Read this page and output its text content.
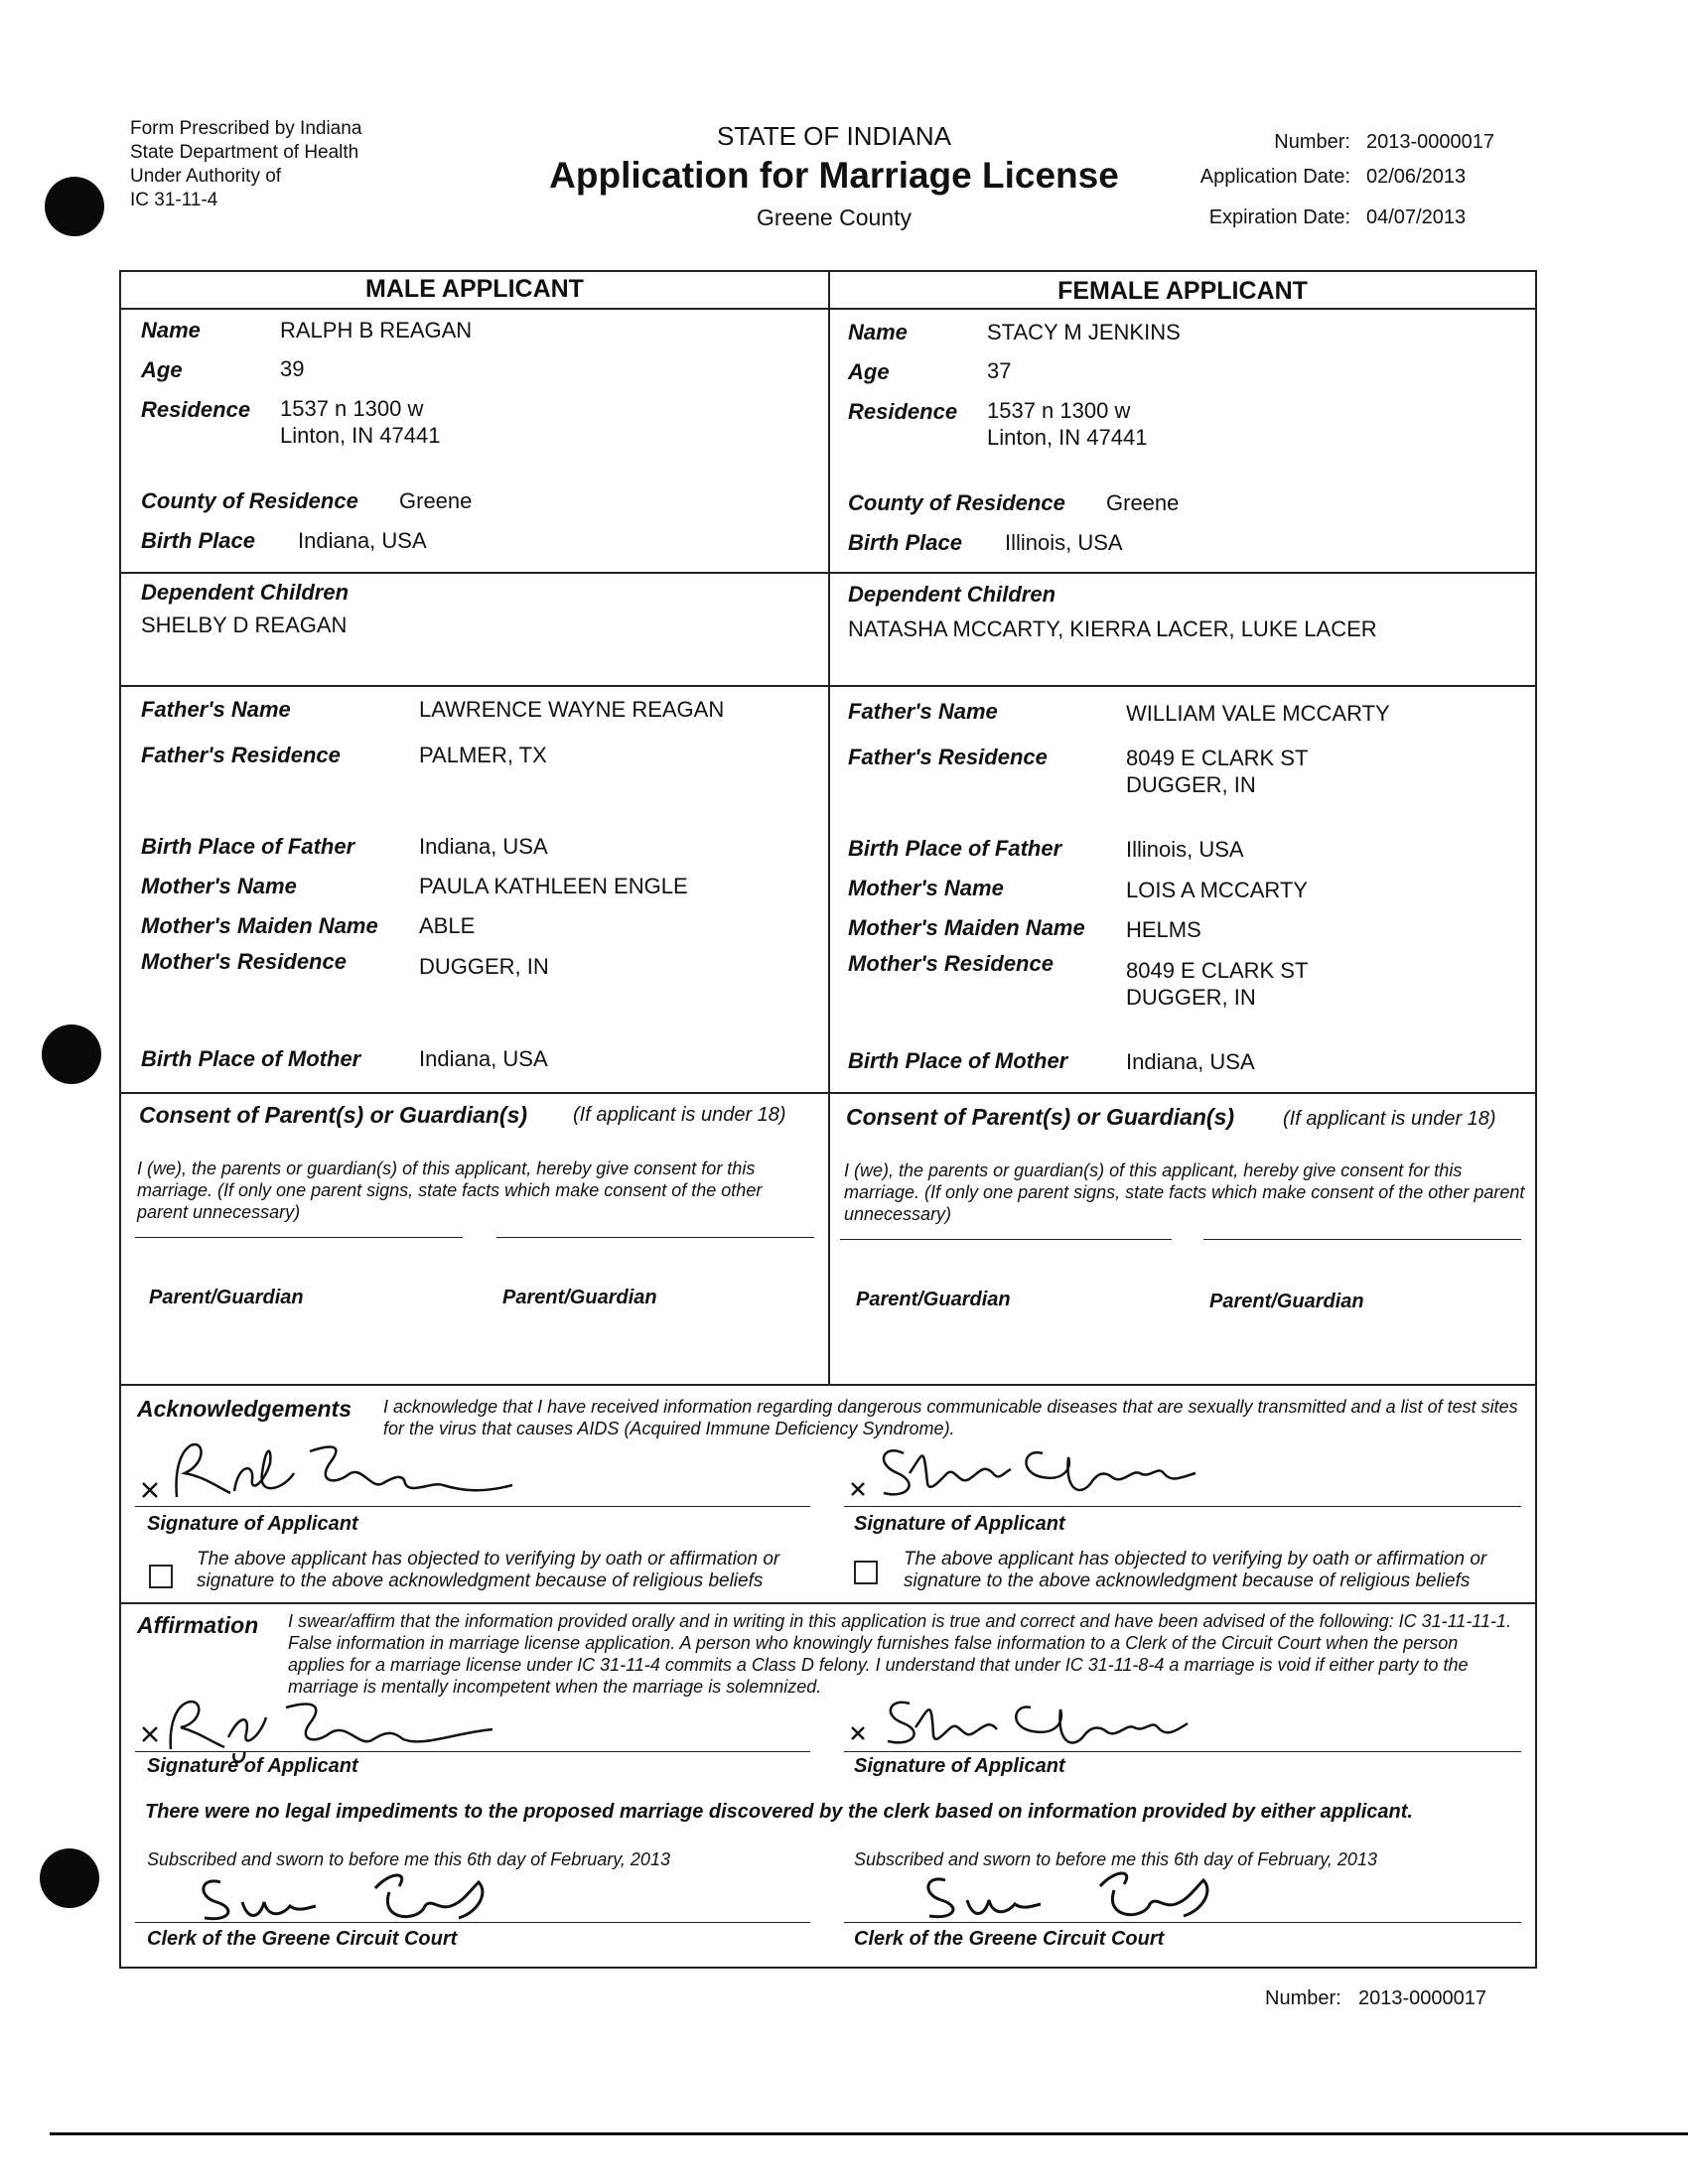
Form Prescribed by Indiana
State Department of Health
Under Authority of
IC 31-11-4
STATE OF INDIANA
Application for Marriage License
Greene County
Number: 2013-0000017
Application Date: 02/06/2013
Expiration Date: 04/07/2013
MALE APPLICANT	FEMALE APPLICANT
Name	RALPH B REAGAN
Age	39
Residence 1537 n 1300 w
Linton, IN 47441
County of Residence Greene
Birth Place Indiana, USA
Dependent Children
SHELBY D REAGAN
Father's Name	LAWRENCE WAYNE REAGAN
Father's Residence	PALMER, TX
Birth Place of Father	Indiana, USA
Mother's Name	PAULA KATHLEEN ENGLE
Mother's Maiden Name ABLE
Mother's Residence	DUGGER, IN
Birth Place of Mother	Indiana, USA
Name	STACY M JENKINS
Age	37
Residence 1537 n 1300 w
Linton, IN 47441
County of Residence Greene
Birth Place Illinois, USA
Dependent Children
NATASHA MCCARTY, KIERRA LACER, LUKE LACER
Father's Name	WILLIAM VALE MCCARTY
Father's Residence	8049 E CLARK ST
DUGGER, IN
Birth Place of Father	Illinois, USA
Mother's Name	LOIS A MCCARTY
Mother's Maiden Name HELMS
Mother's Residence	8049 E CLARK ST
DUGGER, IN
Birth Place of Mother	Indiana, USA
Consent of Parent(s) or Guardian(s) (If applicant is under 18)
I (we), the parents or guardian(s) of this applicant, hereby give consent for this marriage. (If only one parent signs, state facts which make consent of the other parent unnecessary)
Parent/Guardian	Parent/Guardian
Consent of Parent(s) or Guardian(s) (If applicant is under 18)
I (we), the parents or guardian(s) of this applicant, hereby give consent for this marriage. (If only one parent signs, state facts which make consent of the other parent unnecessary)
Parent/Guardian	Parent/Guardian
Acknowledgements I acknowledge that I have received information regarding dangerous communicable diseases that are sexually transmitted and a list of test sites for the virus that causes AIDS (Acquired Immune Deficiency Syndrome).
Signature of Applicant
The above applicant has objected to verifying by oath or affirmation or signature to the above acknowledgment because of religious beliefs
Signature of Applicant
The above applicant has objected to verifying by oath or affirmation or signature to the above acknowledgment because of religious beliefs
Affirmation I swear/affirm that the information provided orally and in writing in this application is true and correct and have been advised of the following: IC 31-11-11-1. False information in marriage license application. A person who knowingly furnishes false information to a Clerk of the Circuit Court when the person applies for a marriage license under IC 31-11-4 commits a Class D felony. I understand that under IC 31-11-8-4 a marriage is void if either party to the marriage is mentally incompetent when the marriage is solemnized.
Signature of Applicant	Signature of Applicant
There were no legal impediments to the proposed marriage discovered by the clerk based on information provided by either applicant.
Subscribed and sworn to before me this 6th day of February, 2013
Clerk of the Greene Circuit Court
Subscribed and sworn to before me this 6th day of February, 2013
Clerk of the Greene Circuit Court
Number: 2013-0000017
